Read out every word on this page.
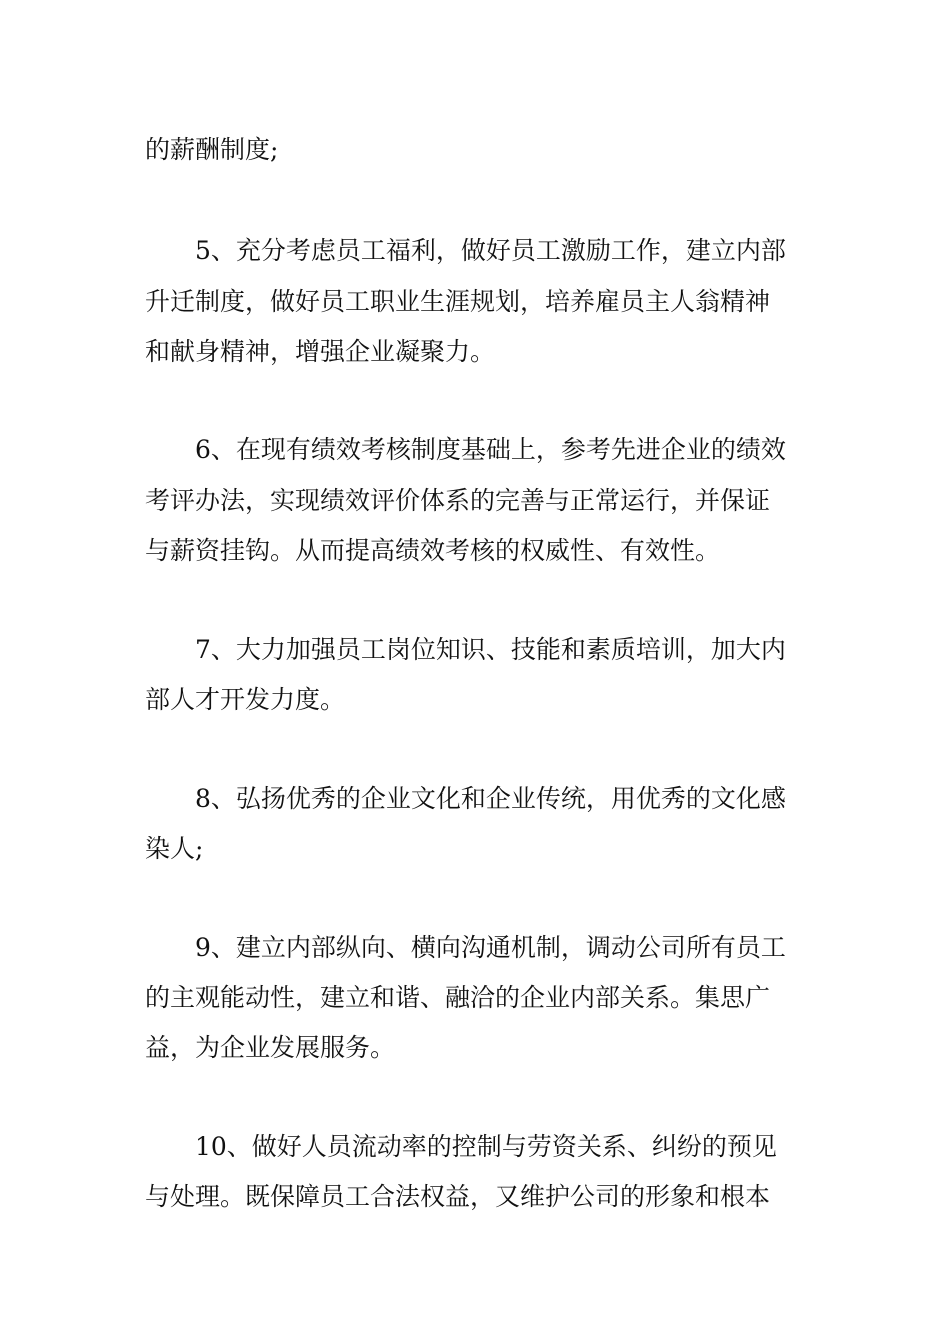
的薪酬制度;
5、充分考虑员工福利，做好员工激励工作，建立内部
升迁制度，做好员工职业生涯规划，培养雇员主人翁精神
和献身精神，增强企业凝聚力。
6、在现有绩效考核制度基础上，参考先进企业的绩效
考评办法，实现绩效评价体系的完善与正常运行，并保证
与薪资挂钩。从而提高绩效考核的权威性、有效性。
7、大力加强员工岗位知识、技能和素质培训，加大内
部人才开发力度。
8、弘扬优秀的企业文化和企业传统，用优秀的文化感
染人;
9、建立内部纵向、横向沟通机制，调动公司所有员工
的主观能动性，建立和谐、融洽的企业内部关系。集思广
益，为企业发展服务。
10、做好人员流动率的控制与劳资关系、纠纷的预见
与处理。既保障员工合法权益，又维护公司的形象和根本
